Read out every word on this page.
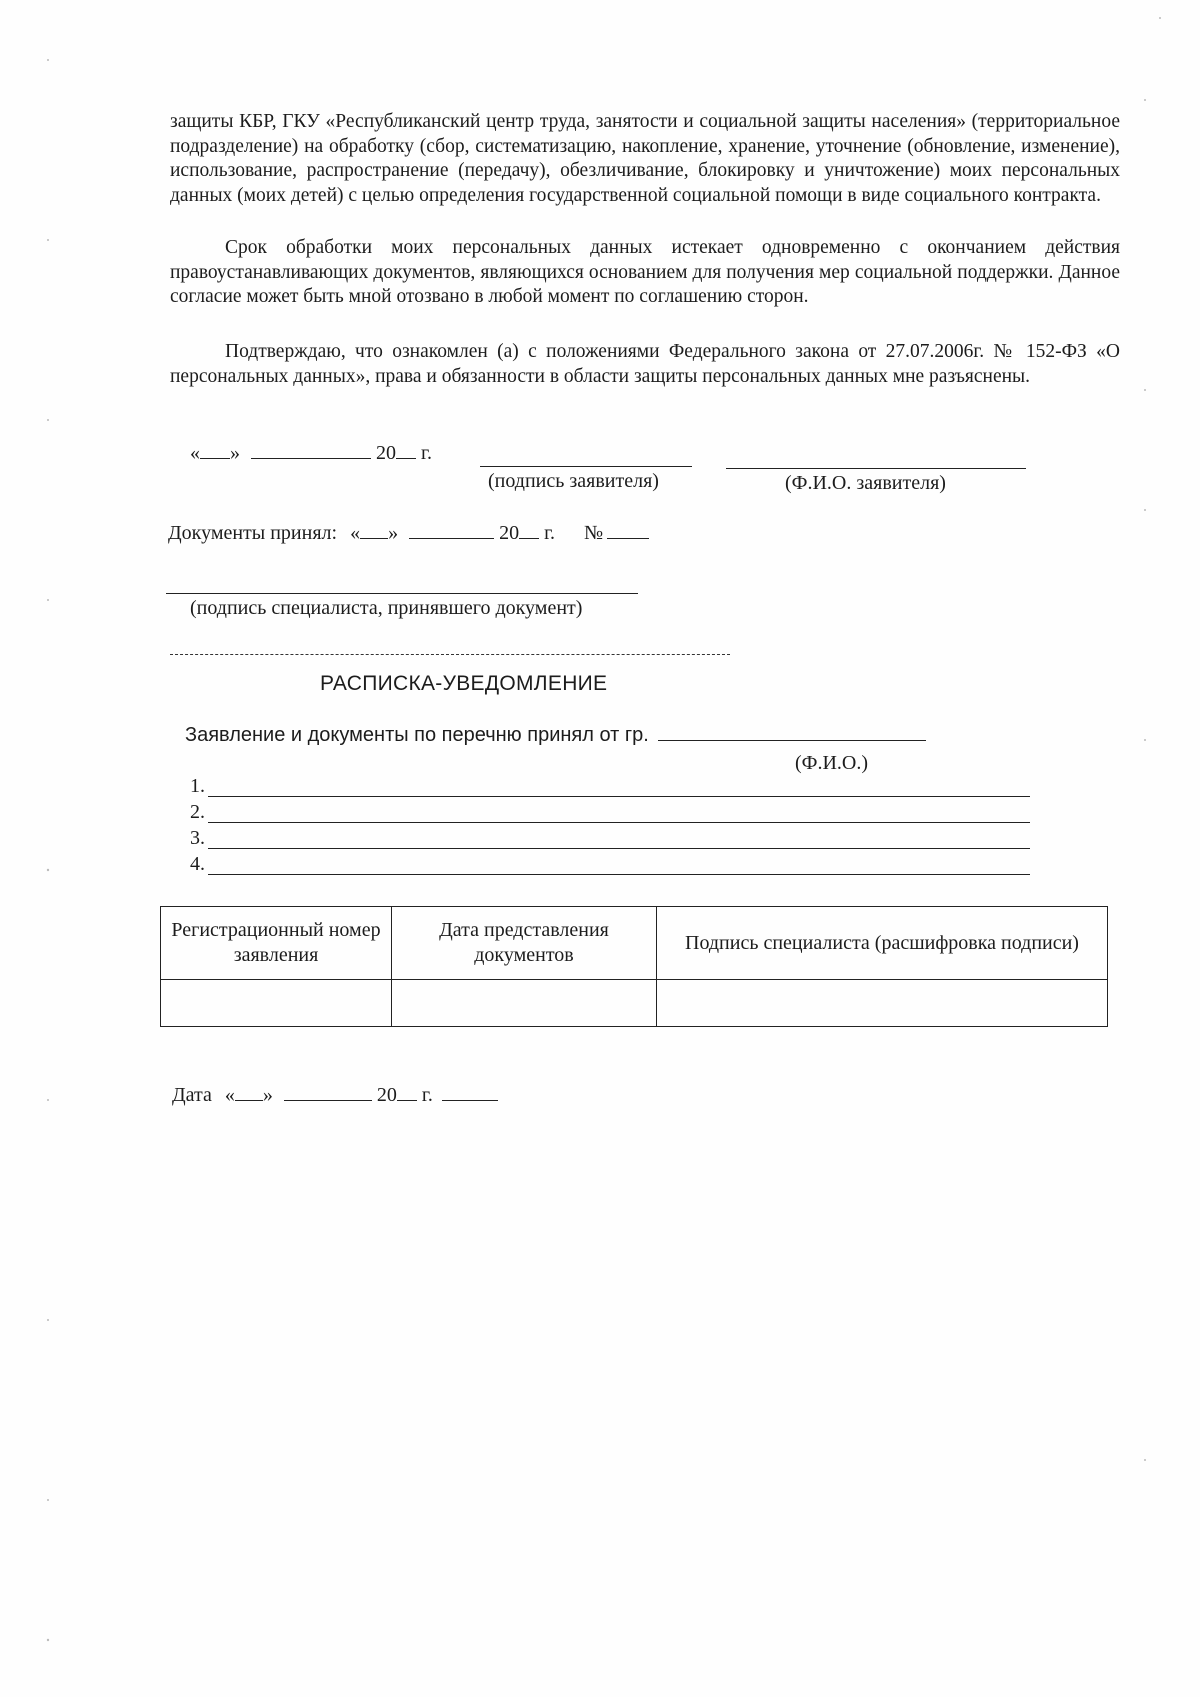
защиты КБР, ГКУ «Республиканский центр труда, занятости и социальной защиты населения» (территориальное подразделение) на обработку (сбор, систематизацию, накопление, хранение, уточнение (обновление, изменение), использование, распространение (передачу), обезличивание, блокировку и уничтожение) моих персональных данных (моих детей) с целью определения государственной социальной помощи в виде социального контракта.

Срок обработки моих персональных данных истекает одновременно с окончанием действия правоустанавливающих документов, являющихся основанием для получения мер социальной поддержки. Данное согласие может быть мной отозвано в любой момент по соглашению сторон.

Подтверждаю, что ознакомлен (а) с положениями Федерального закона от 27.07.2006г. № 152-ФЗ «О персональных данных», права и обязанности в области защиты персональных данных мне разъяснены.

« »	20 г.
(подпись заявителя)	(Ф.И.О. заявителя)
Документы принял: « »	20 г. №
(подпись специалиста, принявшего документ)
РАСПИСКА-УВЕДОМЛЕНИЕ
Заявление и документы по перечню принял от гр.
(Ф.И.О.)
1.
2.
3.
4.
Регистрационный номер заявления	Дата представления документов	Подпись специалиста (расшифровка подписи)

Дата « »	20 г.
